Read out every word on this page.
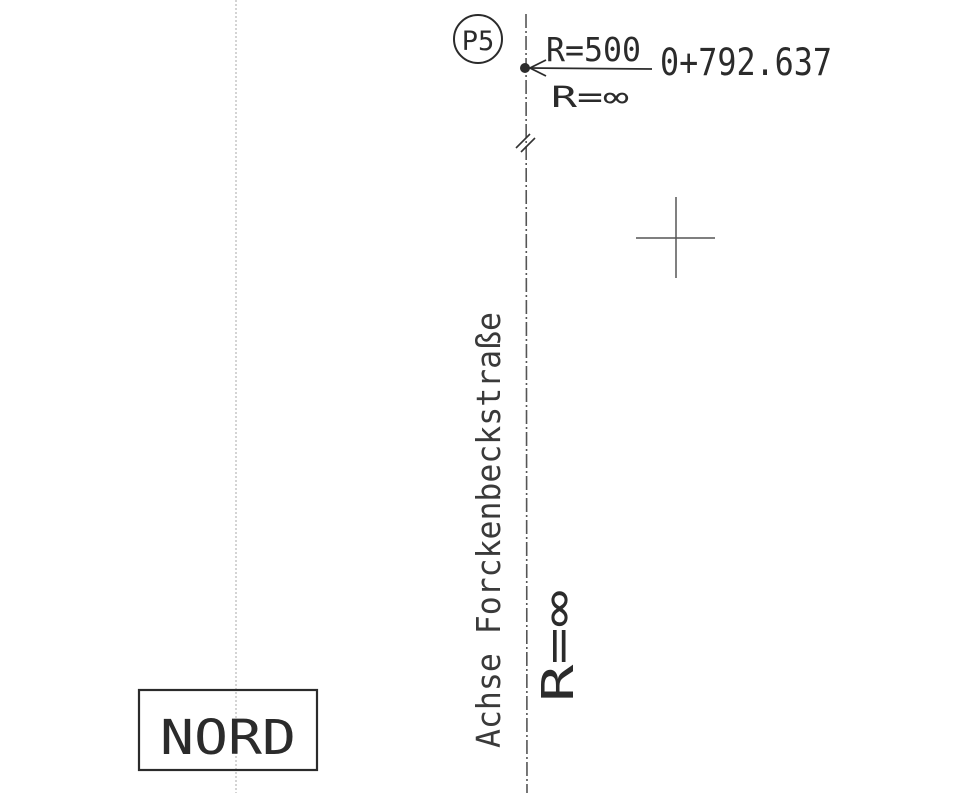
P5 R=500
R=∞
0+792.637
Achse Forckenbeckstraße R=∞
NORD
